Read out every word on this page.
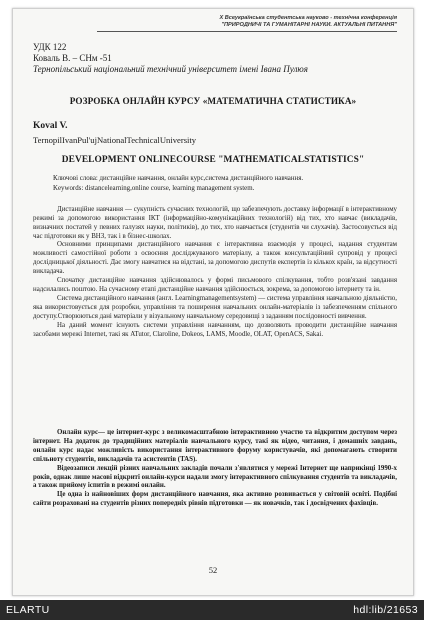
Х Всеукраїнська студентська науково - технічна конференція
"ПРИРОДНИЧІ ТА ГУМАНІТАРНІ НАУКИ. АКТУАЛЬНІ ПИТАННЯ"
УДК 122
Коваль В. – СНм -51
Тернопільський національний технічний університет імені Івана Пулюя
РОЗРОБКА ОНЛАЙН КУРСУ «МАТЕМАТИЧНА СТАТИСТИКА»
Koval V.
TernopilIvanPul'ujNationalTechnicalUniversity
DEVELOPMENT ONLINECOURSE "MATHEMATICALSTATISTICS"

Ключові слова: дистанційне навчання, онлайн курс,система дистанційного навчання.

Keywords: distancelearning,online course, learning management system.

Дистанційне навчання — сукупність сучасних технологій, що забезпечують доставку інформації в інтерактивному режимі за допомогою використання ІКТ (інформаційно-комунікаційних технологій) від тих, хто навчає (викладачів, визначних постатей у певних галузях науки, політиків), до тих, хто навчається (студентів чи слухачів). Застосовується від час підготовки як у ВНЗ, так і в бізнес-школах.

Основними принципами дистанційного навчання є інтерактивна взаємодія у процесі, надання студентам можливості самостійної роботи з освоєння досліджуваного матеріалу, а також консультаційний супровід у процесі дослідницької діяльності. Дає змогу навчатися на відстані, за допомогою диспутів експертів із кількох країн, за відсутності викладача.

Спочатку дистанційне навчання здійснювалось у формі письмового спілкування, тобто розв'язані завдання надсилались поштою. На сучасному етапі дистанційне навчання здійснюється, зокрема, за допомогою інтернету та ін.

Система дистанційного навчання (англ. Learningmanagementsystem) — система управління навчальною діяльністю, яка використовується для розробки, управління та поширення навчальних онлайн-матеріалів із забезпеченням спільного доступу.Створюються дані матеріали у візуальному навчальному середовищі з заданням послідовності вивчення.

На даний момент існують системи управління навчанням, що дозволяють проводити дистанційне навчання засобами мережі Internet, такі як ATutor, Claroline, Dokeos, LAMS, Moodle, OLAT, OpenACS, Sakai.

Онлайн курс— це інтернет-курс з великомасштабною інтерактивною участю та відкритим доступом через інтернет. На додаток до традиційних матеріалів навчального курсу, такі як відео, читання, і домашніх завдань, онлайн курс надає можливість використання інтерактивного форуму користувачів, які допомагають створити спільноту студентів, викладачів та асистентів (TAS).

Відеозаписи лекцій різних навчальних закладів почали з'являтися у мережі Інтернет ще наприкінці 1990-х років, однак лише масові відкриті онлайн-курси надали змогу інтерактивного спілкування студентів та викладачів, а також прийому іспитів в режимі онлайн.

Це одна із найновіших форм дистанційного навчання, яка активно розвивається у світовій освіті. Подібні сайти розраховані на студентів різних попередніх рівнів підготовки — як новачків, так і досвідчених фахівців.

52
ELARTU	hdl:lib/21653
